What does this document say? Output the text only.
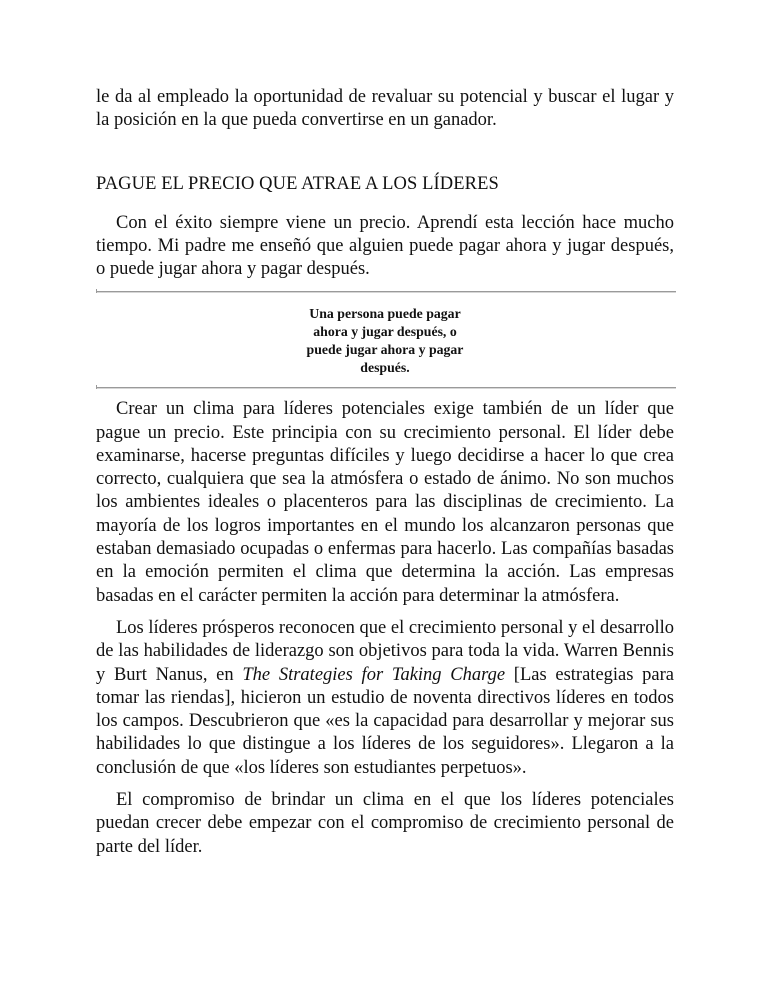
le da al empleado la oportunidad de revaluar su potencial y buscar el lugar y la posición en la que pueda convertirse en un ganador.

PAGUE EL PRECIO QUE ATRAE A LOS LÍDERES

Con el éxito siempre viene un precio. Aprendí esta lección hace mucho tiempo. Mi padre me enseñó que alguien puede pagar ahora y jugar después, o puede jugar ahora y pagar después.

Una persona puede pagar ahora y jugar después, o puede jugar ahora y pagar después.

Crear un clima para líderes potenciales exige también de un líder que pague un precio. Este principia con su crecimiento personal. El líder debe examinarse, hacerse preguntas difíciles y luego decidirse a hacer lo que crea correcto, cualquiera que sea la atmósfera o estado de ánimo. No son muchos los ambientes ideales o placenteros para las disciplinas de crecimiento. La mayoría de los logros importantes en el mundo los alcanzaron personas que estaban demasiado ocupadas o enfermas para hacerlo. Las compañías basadas en la emoción permiten el clima que determina la acción. Las empresas basadas en el carácter permiten la acción para determinar la atmósfera.

Los líderes prósperos reconocen que el crecimiento personal y el desarrollo de las habilidades de liderazgo son objetivos para toda la vida. Warren Bennis y Burt Nanus, en The Strategies for Taking Charge [Las estrategias para tomar las riendas], hicieron un estudio de noventa directivos líderes en todos los campos. Descubrieron que «es la capacidad para desarrollar y mejorar sus habilidades lo que distingue a los líderes de los seguidores». Llegaron a la conclusión de que «los líderes son estudiantes perpetuos».

El compromiso de brindar un clima en el que los líderes potenciales puedan crecer debe empezar con el compromiso de crecimiento personal de parte del líder.
